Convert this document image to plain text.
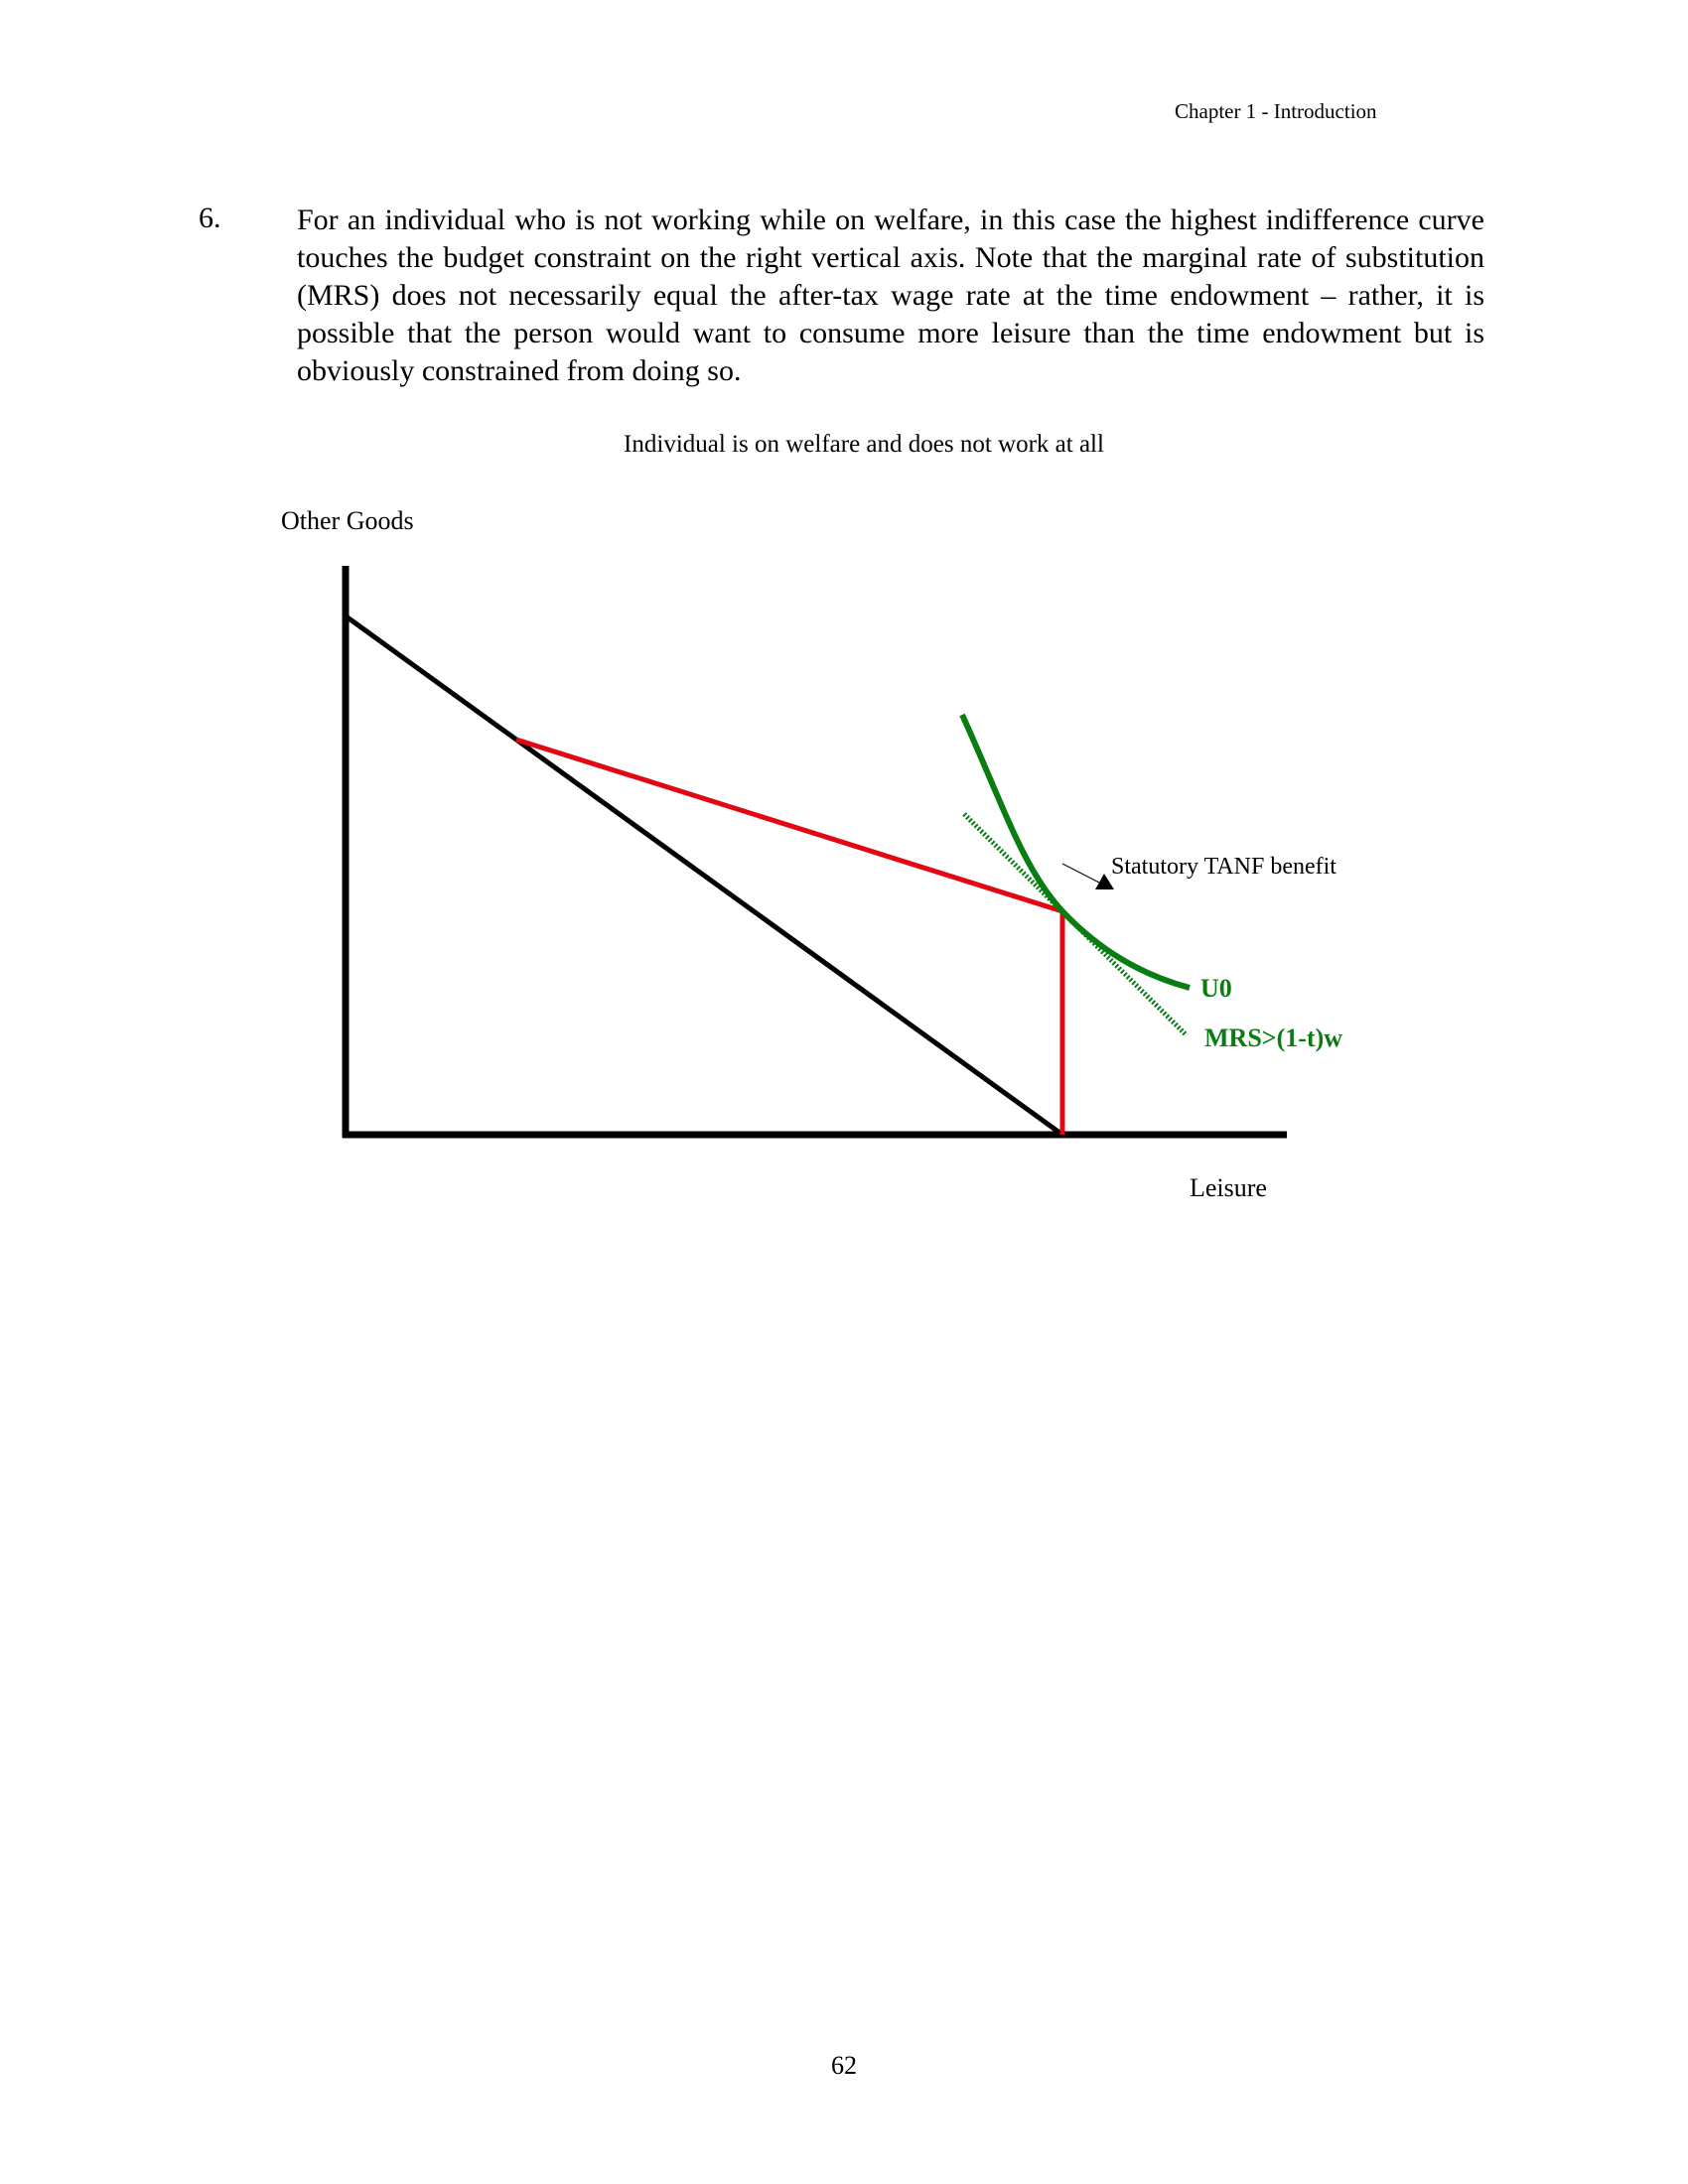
Chapter 1 - Introduction
6.	For an individual who is not working while on welfare, in this case the highest indifference curve touches the budget constraint on the right vertical axis. Note that the marginal rate of substitution (MRS) does not necessarily equal the after-tax wage rate at the time endowment – rather, it is possible that the person would want to consume more leisure than the time endowment but is obviously constrained from doing so.
Individual is on welfare and does not work at all
Other Goods
Leisure
Statutory TANF benefit
U0
MRS>(1-t)w
62
